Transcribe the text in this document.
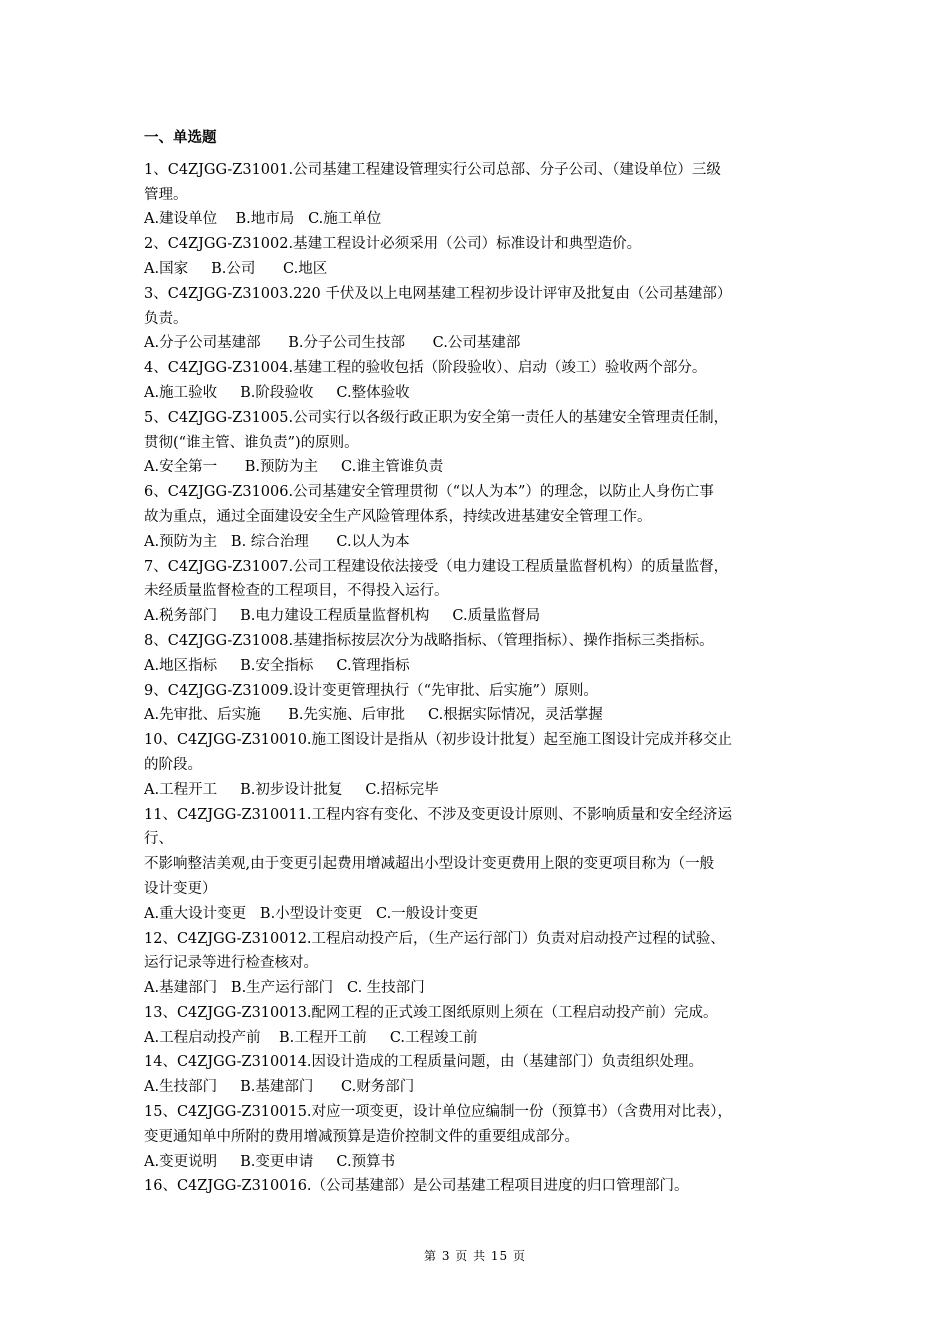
一、单选题
1、C4ZJGG-Z31001.公司基建工程建设管理实行公司总部、分子公司、（建设单位）三级
管理。
A.建设单位    B.地市局   C.施工单位
2、C4ZJGG-Z31002.基建工程设计必须采用（公司）标准设计和典型造价。
A.国家     B.公司      C.地区
3、C4ZJGG-Z31003.220 千伏及以上电网基建工程初步设计评审及批复由（公司基建部）
负责。
A.分子公司基建部      B.分子公司生技部      C.公司基建部
4、C4ZJGG-Z31004.基建工程的验收包括（阶段验收）、启动（竣工）验收两个部分。
A.施工验收     B.阶段验收     C.整体验收
5、C4ZJGG-Z31005.公司实行以各级行政正职为安全第一责任人的基建安全管理责任制，
贯彻(“谁主管、谁负责”)的原则。
A.安全第一      B.预防为主     C.谁主管谁负责
6、C4ZJGG-Z31006.公司基建安全管理贯彻（“以人为本”）的理念，以防止人身伤亡事
故为重点，通过全面建设安全生产风险管理体系，持续改进基建安全管理工作。
A.预防为主   B. 综合治理      C.以人为本
7、C4ZJGG-Z31007.公司工程建设依法接受（电力建设工程质量监督机构）的质量监督，
未经质量监督检查的工程项目，不得投入运行。
A.税务部门     B.电力建设工程质量监督机构     C.质量监督局
8、C4ZJGG-Z31008.基建指标按层次分为战略指标、（管理指标）、操作指标三类指标。
A.地区指标     B.安全指标     C.管理指标
9、C4ZJGG-Z31009.设计变更管理执行（“先审批、后实施”）原则。
A.先审批、后实施      B.先实施、后审批     C.根据实际情况，灵活掌握
10、C4ZJGG-Z310010.施工图设计是指从（初步设计批复）起至施工图设计完成并移交止
的阶段。
A.工程开工     B.初步设计批复     C.招标完毕
11、C4ZJGG-Z310011.工程内容有变化、不涉及变更设计原则、不影响质量和安全经济运
行、
不影响整洁美观,由于变更引起费用增减超出小型设计变更费用上限的变更项目称为（一般
设计变更）
A.重大设计变更   B.小型设计变更   C.一般设计变更
12、C4ZJGG-Z310012.工程启动投产后，（生产运行部门）负责对启动投产过程的试验、
运行记录等进行检查核对。
A.基建部门   B.生产运行部门   C. 生技部门
13、C4ZJGG-Z310013.配网工程的正式竣工图纸原则上须在（工程启动投产前）完成。
A.工程启动投产前    B.工程开工前     C.工程竣工前
14、C4ZJGG-Z310014.因设计造成的工程质量问题，由（基建部门）负责组织处理。
A.生技部门     B.基建部门      C.财务部门
15、C4ZJGG-Z310015.对应一项变更，设计单位应编制一份（预算书）（含费用对比表），
变更通知单中所附的费用增减预算是造价控制文件的重要组成部分。
A.变更说明     B.变更申请     C.预算书
16、C4ZJGG-Z310016.（公司基建部）是公司基建工程项目进度的归口管理部门。
第 3 页 共 15 页
